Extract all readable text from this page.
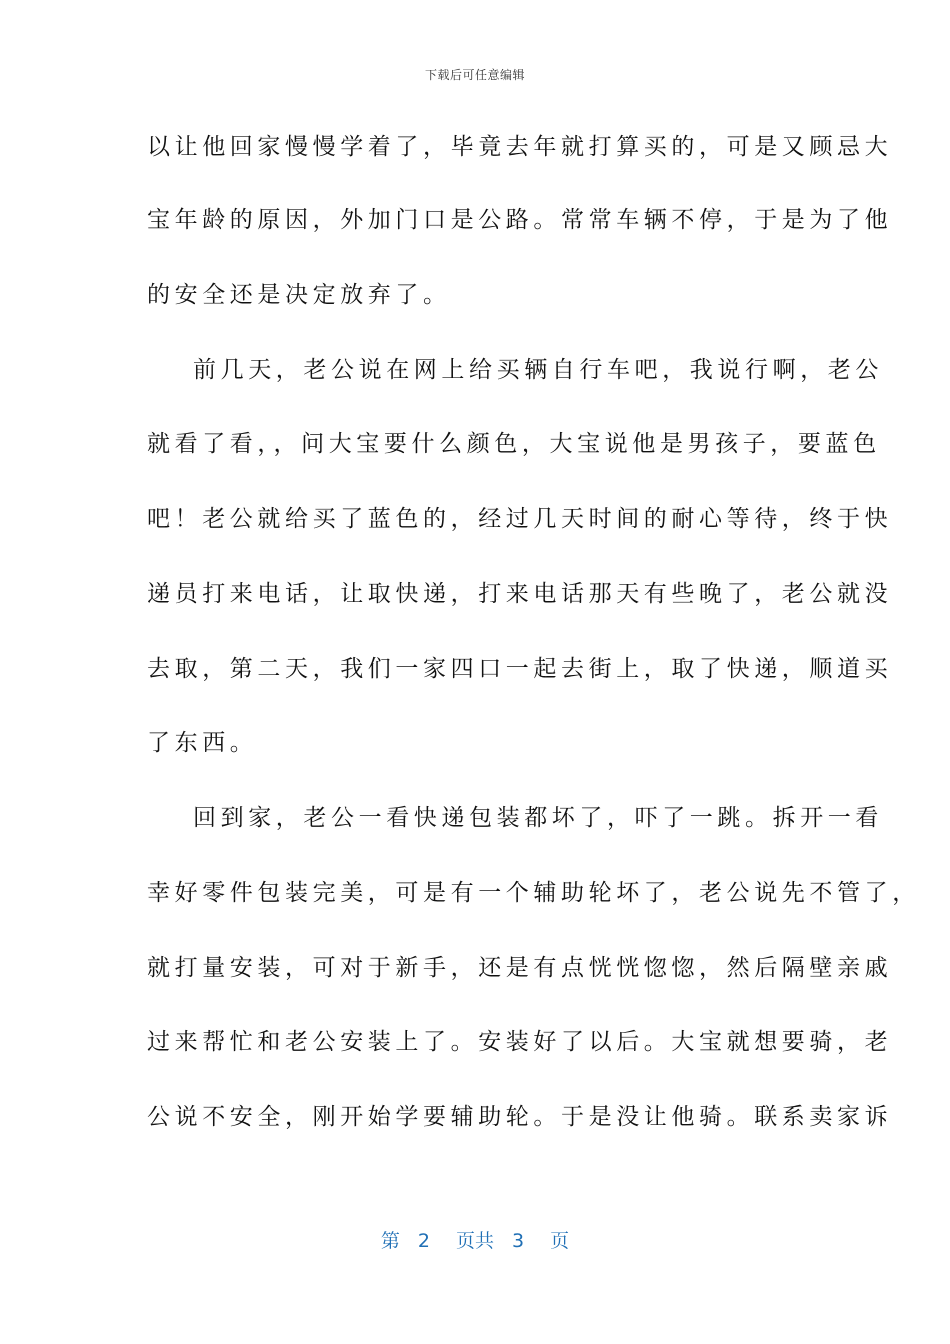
下载后可任意编辑
以让他回家慢慢学着了，毕竟去年就打算买的，可是又顾忌大
宝年龄的原因，外加门口是公路。常常车辆不停，于是为了他
的安全还是决定放弃了。
前几天，老公说在网上给买辆自行车吧，我说行啊，老公
就看了看，，问大宝要什么颜色，大宝说他是男孩子，要蓝色
吧！老公就给买了蓝色的，经过几天时间的耐心等待，终于快
递员打来电话，让取快递，打来电话那天有些晚了，老公就没
去取，第二天，我们一家四口一起去街上，取了快递，顺道买
了东西。
回到家，老公一看快递包装都坏了，吓了一跳。拆开一看
幸好零件包装完美，可是有一个辅助轮坏了，老公说先不管了，
就打量安装，可对于新手，还是有点恍恍惚惚，然后隔壁亲戚
过来帮忙和老公安装上了。安装好了以后。大宝就想要骑，老
公说不安全，刚开始学要辅助轮。于是没让他骑。联系卖家诉
第 2 页共 3 页
